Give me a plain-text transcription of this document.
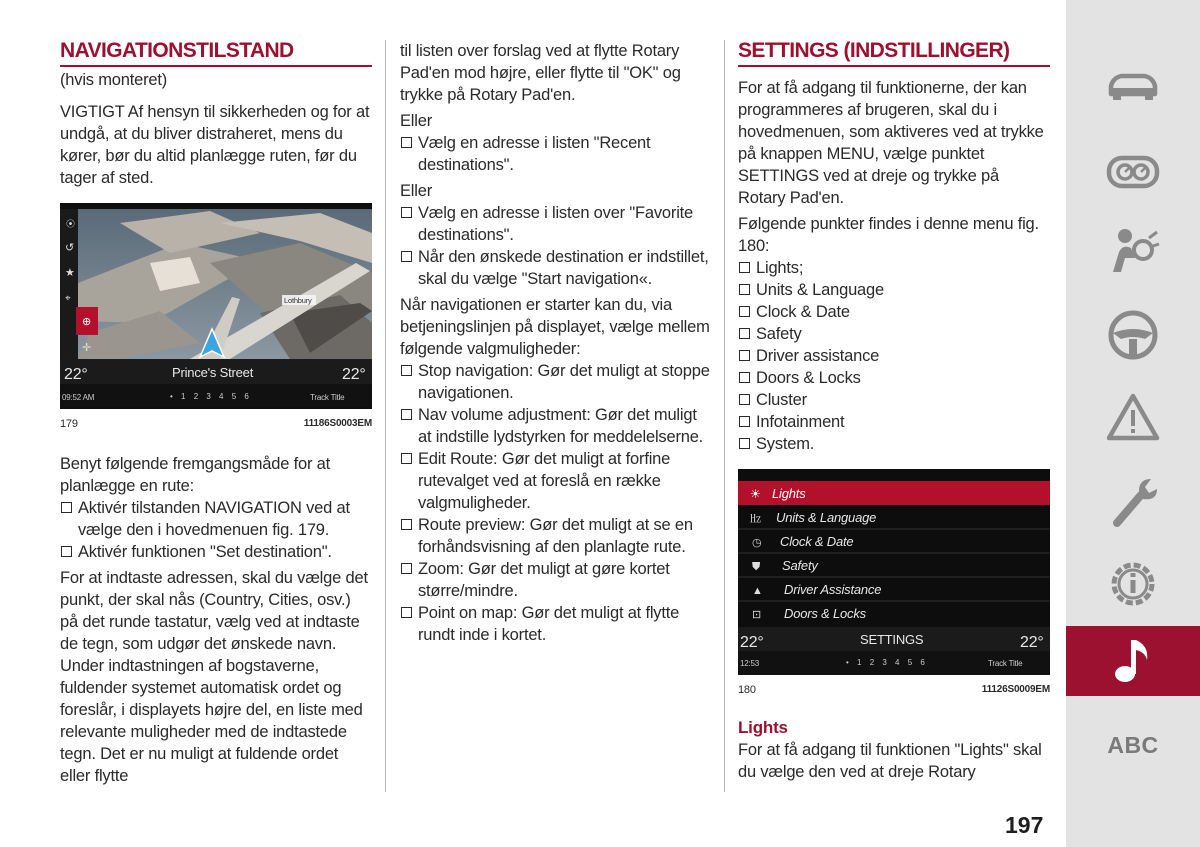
NAVIGATIONSTILSTAND

(hvis monteret)

VIGTIGT Af hensyn til sikkerheden og for at undgå, at du bliver distraheret, mens du kører, bør du altid planlægge ruten, før du tager af sted.

Lothbury
⦿
↺
★
⌖
⊕
✛
22°	Prince's Street	22°
09:52 AM	• 1 2 3 4 5 6	Track Title
179	11186S0003EM

Benyt følgende fremgangsmåde for at planlægge en rute:

Aktivér tilstanden NAVIGATION ved at vælge den i hovedmenuen fig. 179.
Aktivér funktionen "Set destination".

For at indtaste adressen, skal du vælge det punkt, der skal nås (Country, Cities, osv.) på det runde tastatur, vælg ved at indtaste de tegn, som udgør det ønskede navn. Under indtastningen af bogstaverne, fuldender systemet automatisk ordet og foreslår, i displayets højre del, en liste med relevante muligheder med de indtastede tegn. Det er nu muligt at fuldende ordet eller flytte

til listen over forslag ved at flytte Rotary Pad'en mod højre, eller flytte til "OK" og trykke på Rotary Pad'en.

Eller

Vælg en adresse i listen "Recent destinations".

Eller

Vælg en adresse i listen over "Favorite destinations".
Når den ønskede destination er indstillet, skal du vælge "Start navigation«.

Når navigationen er starter kan du, via betjeningslinjen på displayet, vælge mellem følgende valgmuligheder:

Stop navigation: Gør det muligt at stoppe navigationen.
Nav volume adjustment: Gør det muligt at indstille lydstyrken for meddelelserne.
Edit Route: Gør det muligt at forfine rutevalget ved at foreslå en række valgmuligheder.
Route preview: Gør det muligt at se en forhåndsvisning af den planlagte rute.
Zoom: Gør det muligt at gøre kortet større/mindre.
Point on map: Gør det muligt at flytte rundt inde i kortet.
SETTINGS (INDSTILLINGER)

For at få adgang til funktionerne, der kan programmeres af brugeren, skal du i hovedmenuen, som aktiveres ved at trykke på knappen MENU, vælge punktet SETTINGS ved at dreje og trykke på Rotary Pad'en.

Følgende punkter findes i denne menu fig. 180:

Lights;
Units & Language
Clock & Date
Safety
Driver assistance
Doors & Locks
Cluster
Infotainment
System.
☀
㎐
◷
⛊
▲
⊡
Lights
Units & Language
Clock & Date
Safety
Driver Assistance
Doors & Locks
22°	SETTINGS	22°
12:53	• 1 2 3 4 5 6	Track Title
180	11126S0009EM

Lights

For at få adgang til funktionen "Lights" skal du vælge den ved at dreje Rotary

ABC
197
